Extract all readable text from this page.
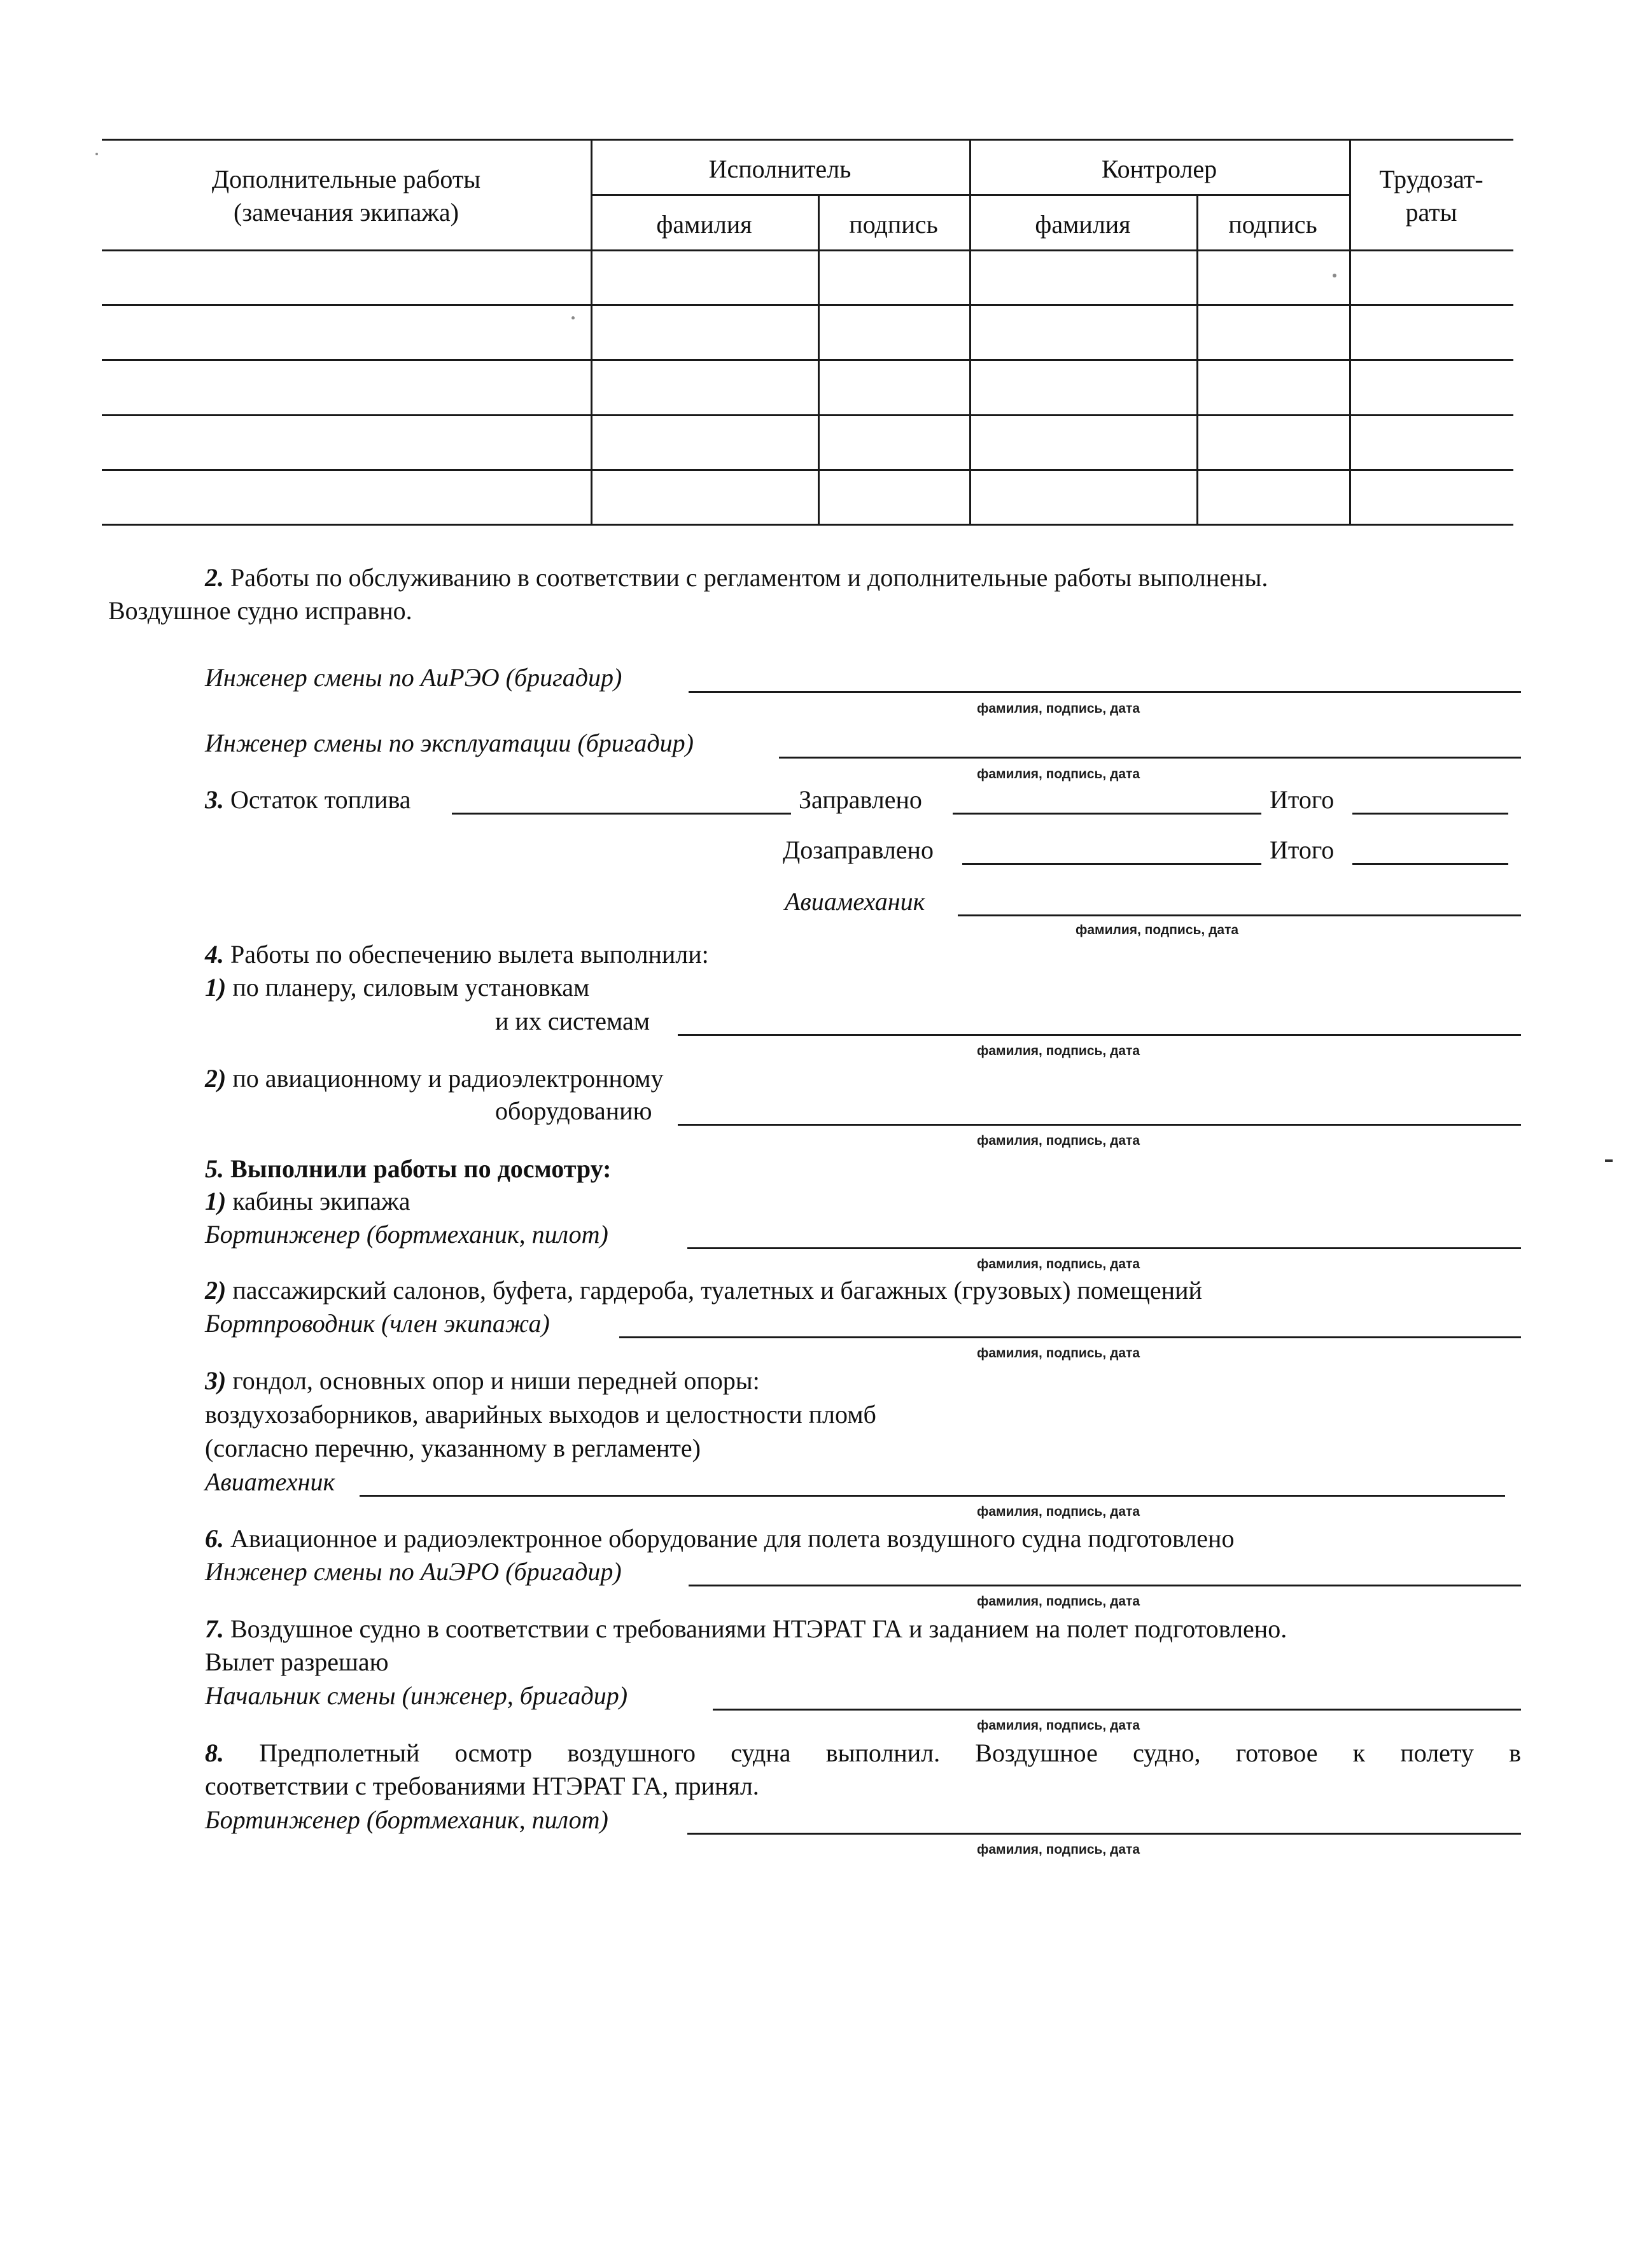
Дополнительные работы
(замечания экипажа)
Исполнитель	Контролер	Трудозат-
раты
фамилия	подпись	фамилия	подпись
2. Работы по обслуживанию в соответствии с регламентом и дополнительные работы выполнены.
Воздушное судно исправно.
Инженер смены по АиРЭО (бригадир)
фамилия, подпись, дата
Инженер смены по эксплуатации (бригадир)
фамилия, подпись, дата
3. Остаток топлива	Заправлено	Итого
Дозаправлено	Итого
Авиамеханик
фамилия, подпись, дата
4. Работы по обеспечению вылета выполнили:
1) по планеру, силовым установкам
и их системам
фамилия, подпись, дата
2) по авиационному и радиоэлектронному
оборудованию
фамилия, подпись, дата
5. Выполнили работы по досмотру:
1) кабины экипажа
Бортинженер (бортмеханик, пилот)
фамилия, подпись, дата
2) пассажирский салонов, буфета, гардероба, туалетных и багажных (грузовых) помещений
Бортпроводник (член экипажа)
фамилия, подпись, дата
3) гондол, основных опор и ниши передней опоры:
воздухозаборников, аварийных выходов и целостности пломб
(согласно перечню, указанному в регламенте)
Авиатехник
фамилия, подпись, дата
6. Авиационное и радиоэлектронное оборудование для полета воздушного судна подготовлено
Инженер смены по АиЭРО (бригадир)
фамилия, подпись, дата
7. Воздушное судно в соответствии с требованиями НТЭРАТ ГА и заданием на полет подготовлено.
Вылет разрешаю
Начальник смены (инженер, бригадир)
фамилия, подпись, дата
8. Предполетный осмотр воздушного судна выполнил. Воздушное судно, готовое к полету в
соответствии с требованиями НТЭРАТ ГА, принял.
Бортинженер (бортмеханик, пилот)
фамилия, подпись, дата
